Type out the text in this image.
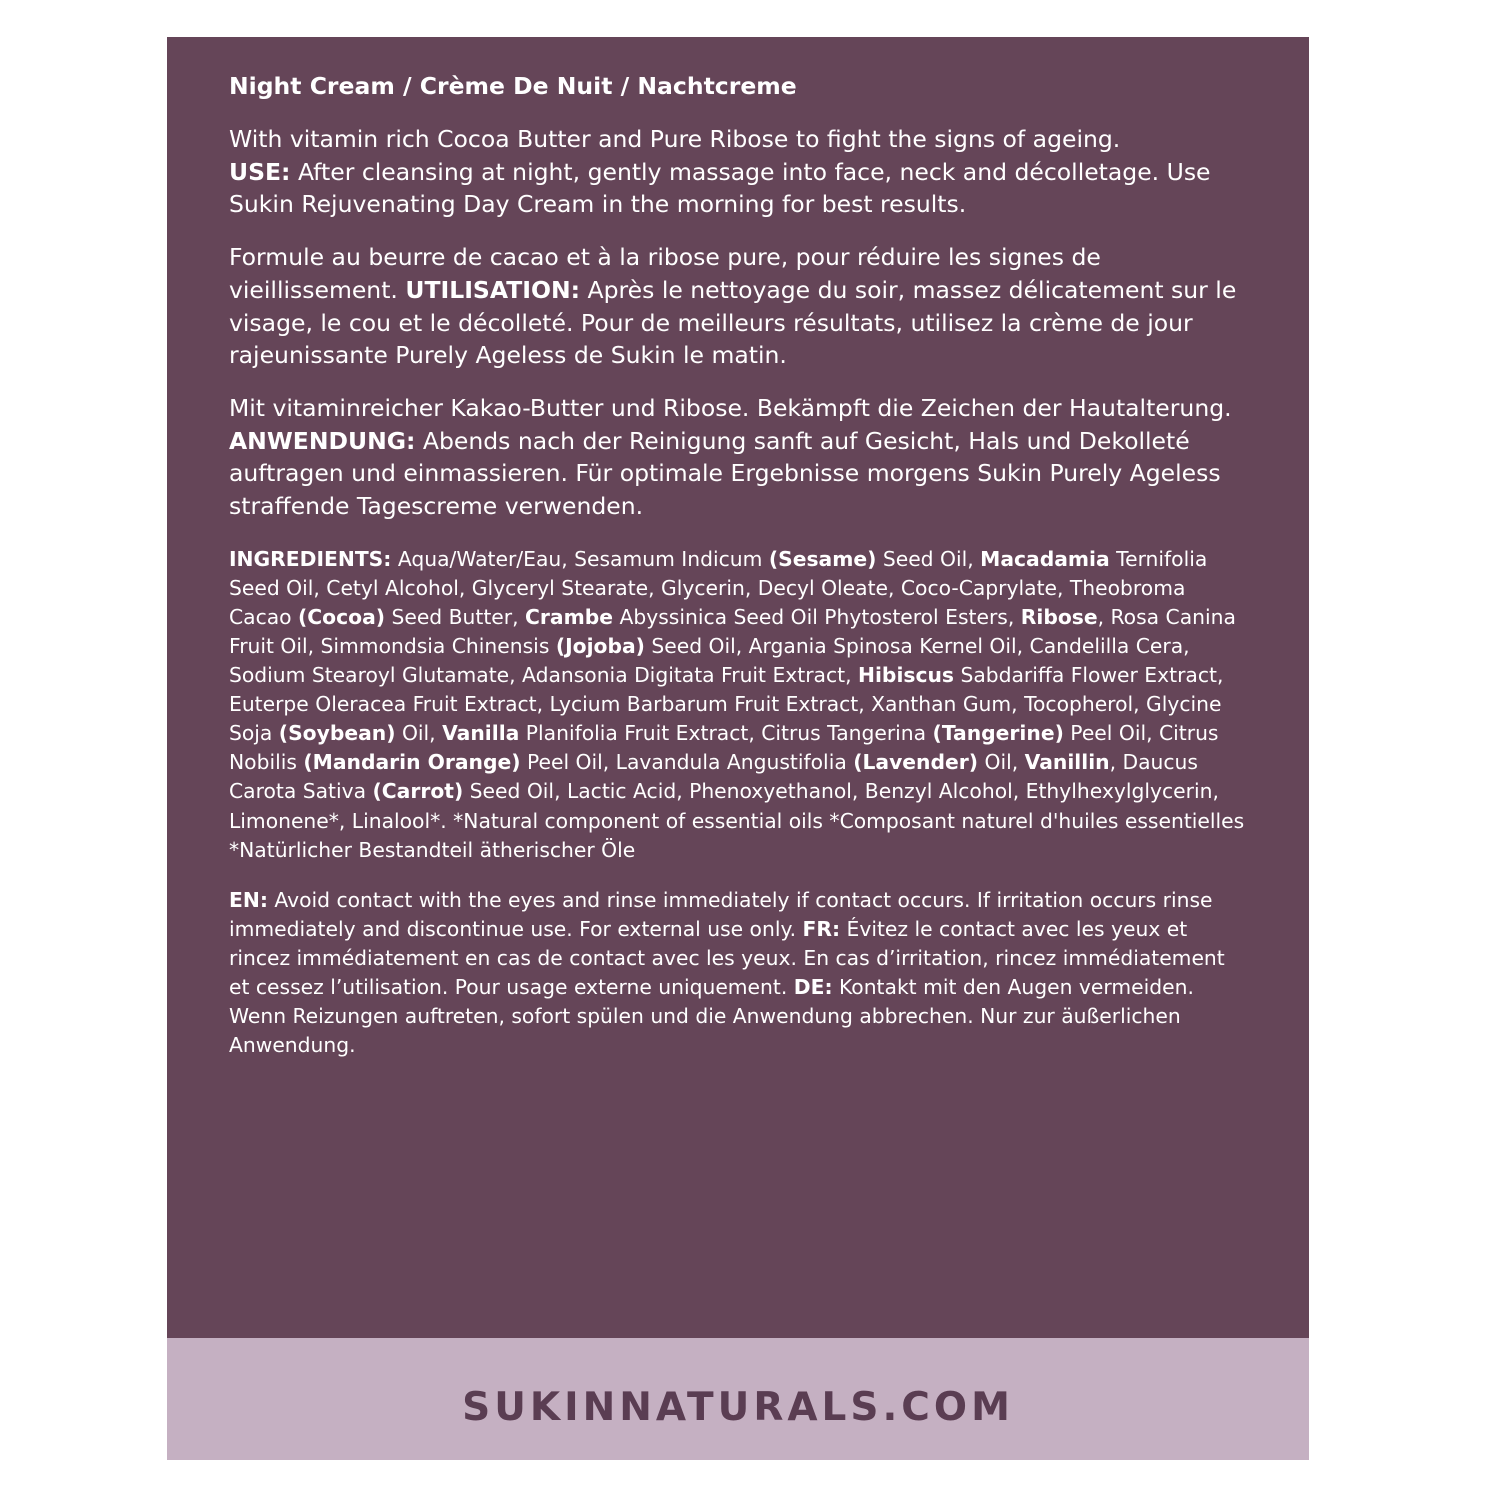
Night Cream / Crème De Nuit / Nachtcreme
With vitamin rich Cocoa Butter and Pure Ribose to fight the signs of ageing.
USE: After cleansing at night, gently massage into face, neck and décolletage. Use Sukin Rejuvenating Day Cream in the morning for best results.
Formule au beurre de cacao et à la ribose pure, pour réduire les signes de vieillissement. UTILISATION: Après le nettoyage du soir, massez délicatement sur le visage, le cou et le décolleté. Pour de meilleurs résultats, utilisez la crème de jour rajeunissante Purely Ageless de Sukin le matin.
Mit vitaminreicher Kakao-Butter und Ribose. Bekämpft die Zeichen der Hautalterung. ANWENDUNG: Abends nach der Reinigung sanft auf Gesicht, Hals und Dekolleté auftragen und einmassieren. Für optimale Ergebnisse morgens Sukin Purely Ageless straffende Tagescreme verwenden.
INGREDIENTS: Aqua/Water/Eau, Sesamum Indicum (Sesame) Seed Oil, Macadamia Ternifolia Seed Oil, Cetyl Alcohol, Glyceryl Stearate, Glycerin, Decyl Oleate, Coco-Caprylate, Theobroma Cacao (Cocoa) Seed Butter, Crambe Abyssinica Seed Oil Phytosterol Esters, Ribose, Rosa Canina Fruit Oil, Simmondsia Chinensis (Jojoba) Seed Oil, Argania Spinosa Kernel Oil, Candelilla Cera, Sodium Stearoyl Glutamate, Adansonia Digitata Fruit Extract, Hibiscus Sabdariffa Flower Extract, Euterpe Oleracea Fruit Extract, Lycium Barbarum Fruit Extract, Xanthan Gum, Tocopherol, Glycine Soja (Soybean) Oil, Vanilla Planifolia Fruit Extract, Citrus Tangerina (Tangerine) Peel Oil, Citrus Nobilis (Mandarin Orange) Peel Oil, Lavandula Angustifolia (Lavender) Oil, Vanillin, Daucus Carota Sativa (Carrot) Seed Oil, Lactic Acid, Phenoxyethanol, Benzyl Alcohol, Ethylhexylglycerin, Limonene*, Linalool*. *Natural component of essential oils *Composant naturel d'huiles essentielles *Natürlicher Bestandteil ätherischer Öle
EN: Avoid contact with the eyes and rinse immediately if contact occurs. If irritation occurs rinse immediately and discontinue use. For external use only. FR: Évitez le contact avec les yeux et rincez immédiatement en cas de contact avec les yeux. En cas d’irritation, rincez immédiatement et cessez l’utilisation. Pour usage externe uniquement. DE: Kontakt mit den Augen vermeiden. Wenn Reizungen auftreten, sofort spülen und die Anwendung abbrechen. Nur zur äußerlichen Anwendung.
SUKINNATURALS.COM
